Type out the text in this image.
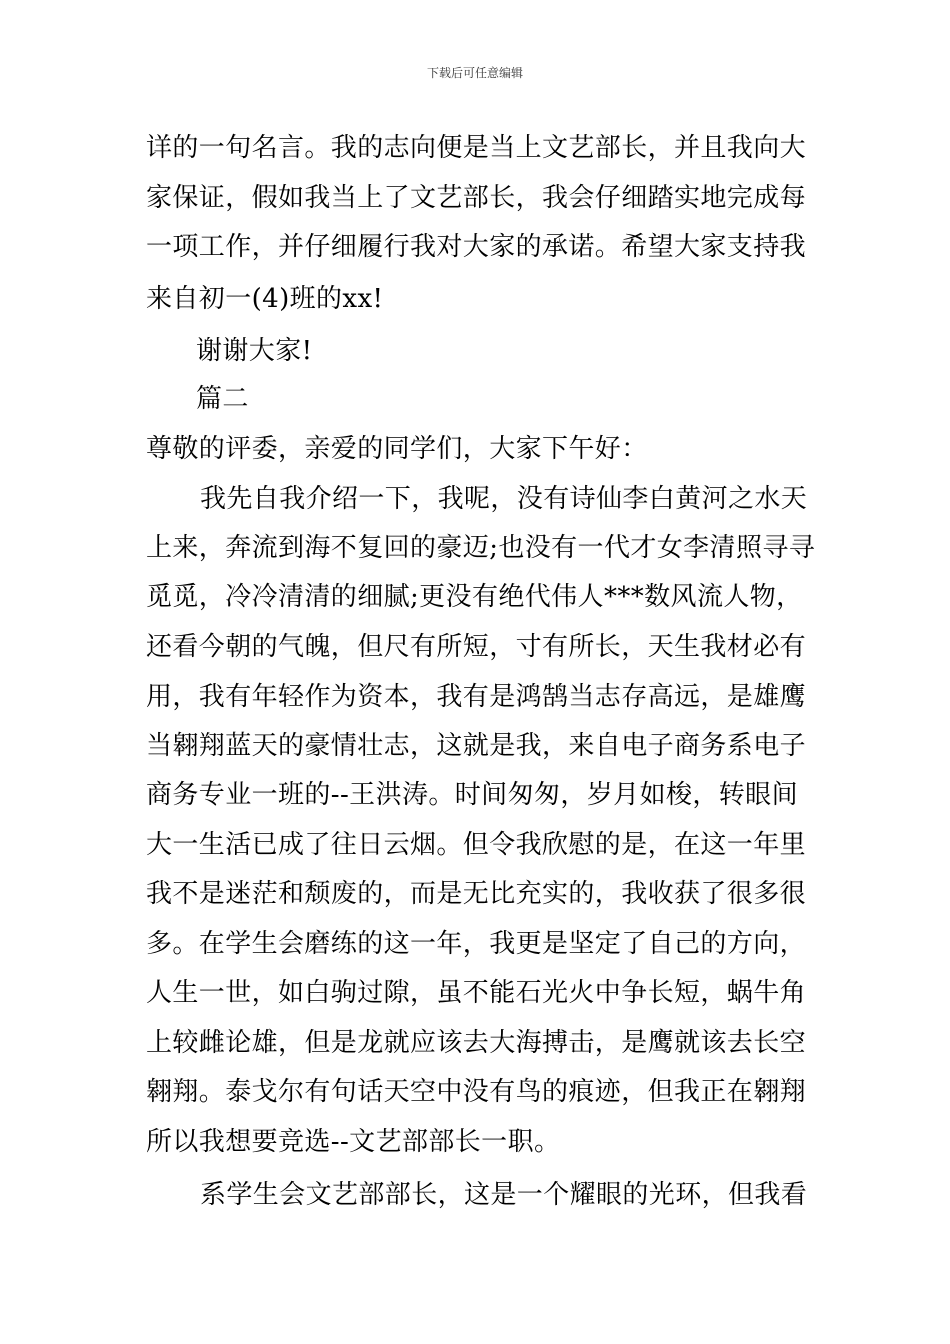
下载后可任意编辑
详的一句名言。我的志向便是当上文艺部长，并且我向大
家保证，假如我当上了文艺部长，我会仔细踏实地完成每
一项工作，并仔细履行我对大家的承诺。希望大家支持我
来自初一(4)班的xx!
谢谢大家!
篇二
尊敬的评委，亲爱的同学们，大家下午好：
我先自我介绍一下，我呢，没有诗仙李白黄河之水天
上来，奔流到海不复回的豪迈;也没有一代才女李清照寻寻
觅觅，冷冷清清的细腻;更没有绝代伟人***数风流人物，
还看今朝的气魄，但尺有所短，寸有所长，天生我材必有
用，我有年轻作为资本，我有是鸿鹄当志存高远，是雄鹰
当翱翔蓝天的豪情壮志，这就是我，来自电子商务系电子
商务专业一班的--王洪涛。时间匆匆，岁月如梭，转眼间
大一生活已成了往日云烟。但令我欣慰的是，在这一年里
我不是迷茫和颓废的，而是无比充实的，我收获了很多很
多。在学生会磨练的这一年，我更是坚定了自己的方向，
人生一世，如白驹过隙，虽不能石光火中争长短，蜗牛角
上较雌论雄，但是龙就应该去大海搏击，是鹰就该去长空
翱翔。泰戈尔有句话天空中没有鸟的痕迹，但我正在翱翔
所以我想要竞选--文艺部部长一职。
系学生会文艺部部长，这是一个耀眼的光环，但我看
